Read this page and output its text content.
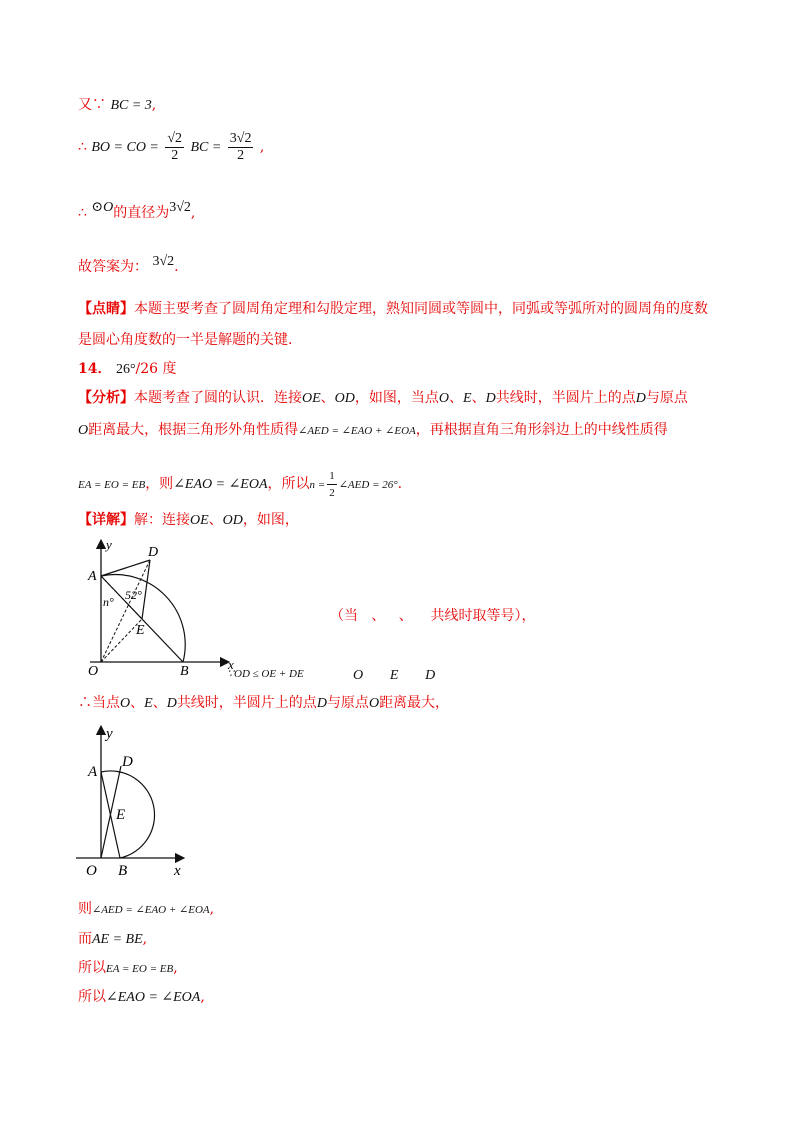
又∵ BC = 3,
∴ BO = CO = $\frac{√2}{2}$ BC = $\frac{3√2}{2}$ ,
∴ ⊙O的直径为3√2,
故答案为： 3√2.
【点睛】本题主要考查了圆周角定理和勾股定理，熟知同圆或等圆中，同弧或等弧所对的圆周角的度数
是圆心角度数的一半是解题的关键.
14． 26°/26 度
【分析】本题考查了圆的认识．连接OE、OD，如图，当点O、E、D共线时，半圆片上的点D与原点
O距离最大，根据三角形外角性质得∠AED = ∠EAO + ∠EOA，再根据直角三角形斜边上的中线性质得
EA = EO = EB，则∠EAO = ∠EOA，所以$n = \frac{1}{2}$ ∠AED = 26°.
【详解】解：连接OE、OD，如图，
y
x
A
D
E
O	B
n° 52°
（当 、 、 共线时取等号），
∵OD ≤ OE + DE	O E D
∴当点O、E、D共线时，半圆片上的点D与原点O距离最大，
y
x
A
D
E
O B
则∠AED = ∠EAO + ∠EOA,
而AE = BE,
所以EA = EO = EB,
所以∠EAO = ∠EOA,
